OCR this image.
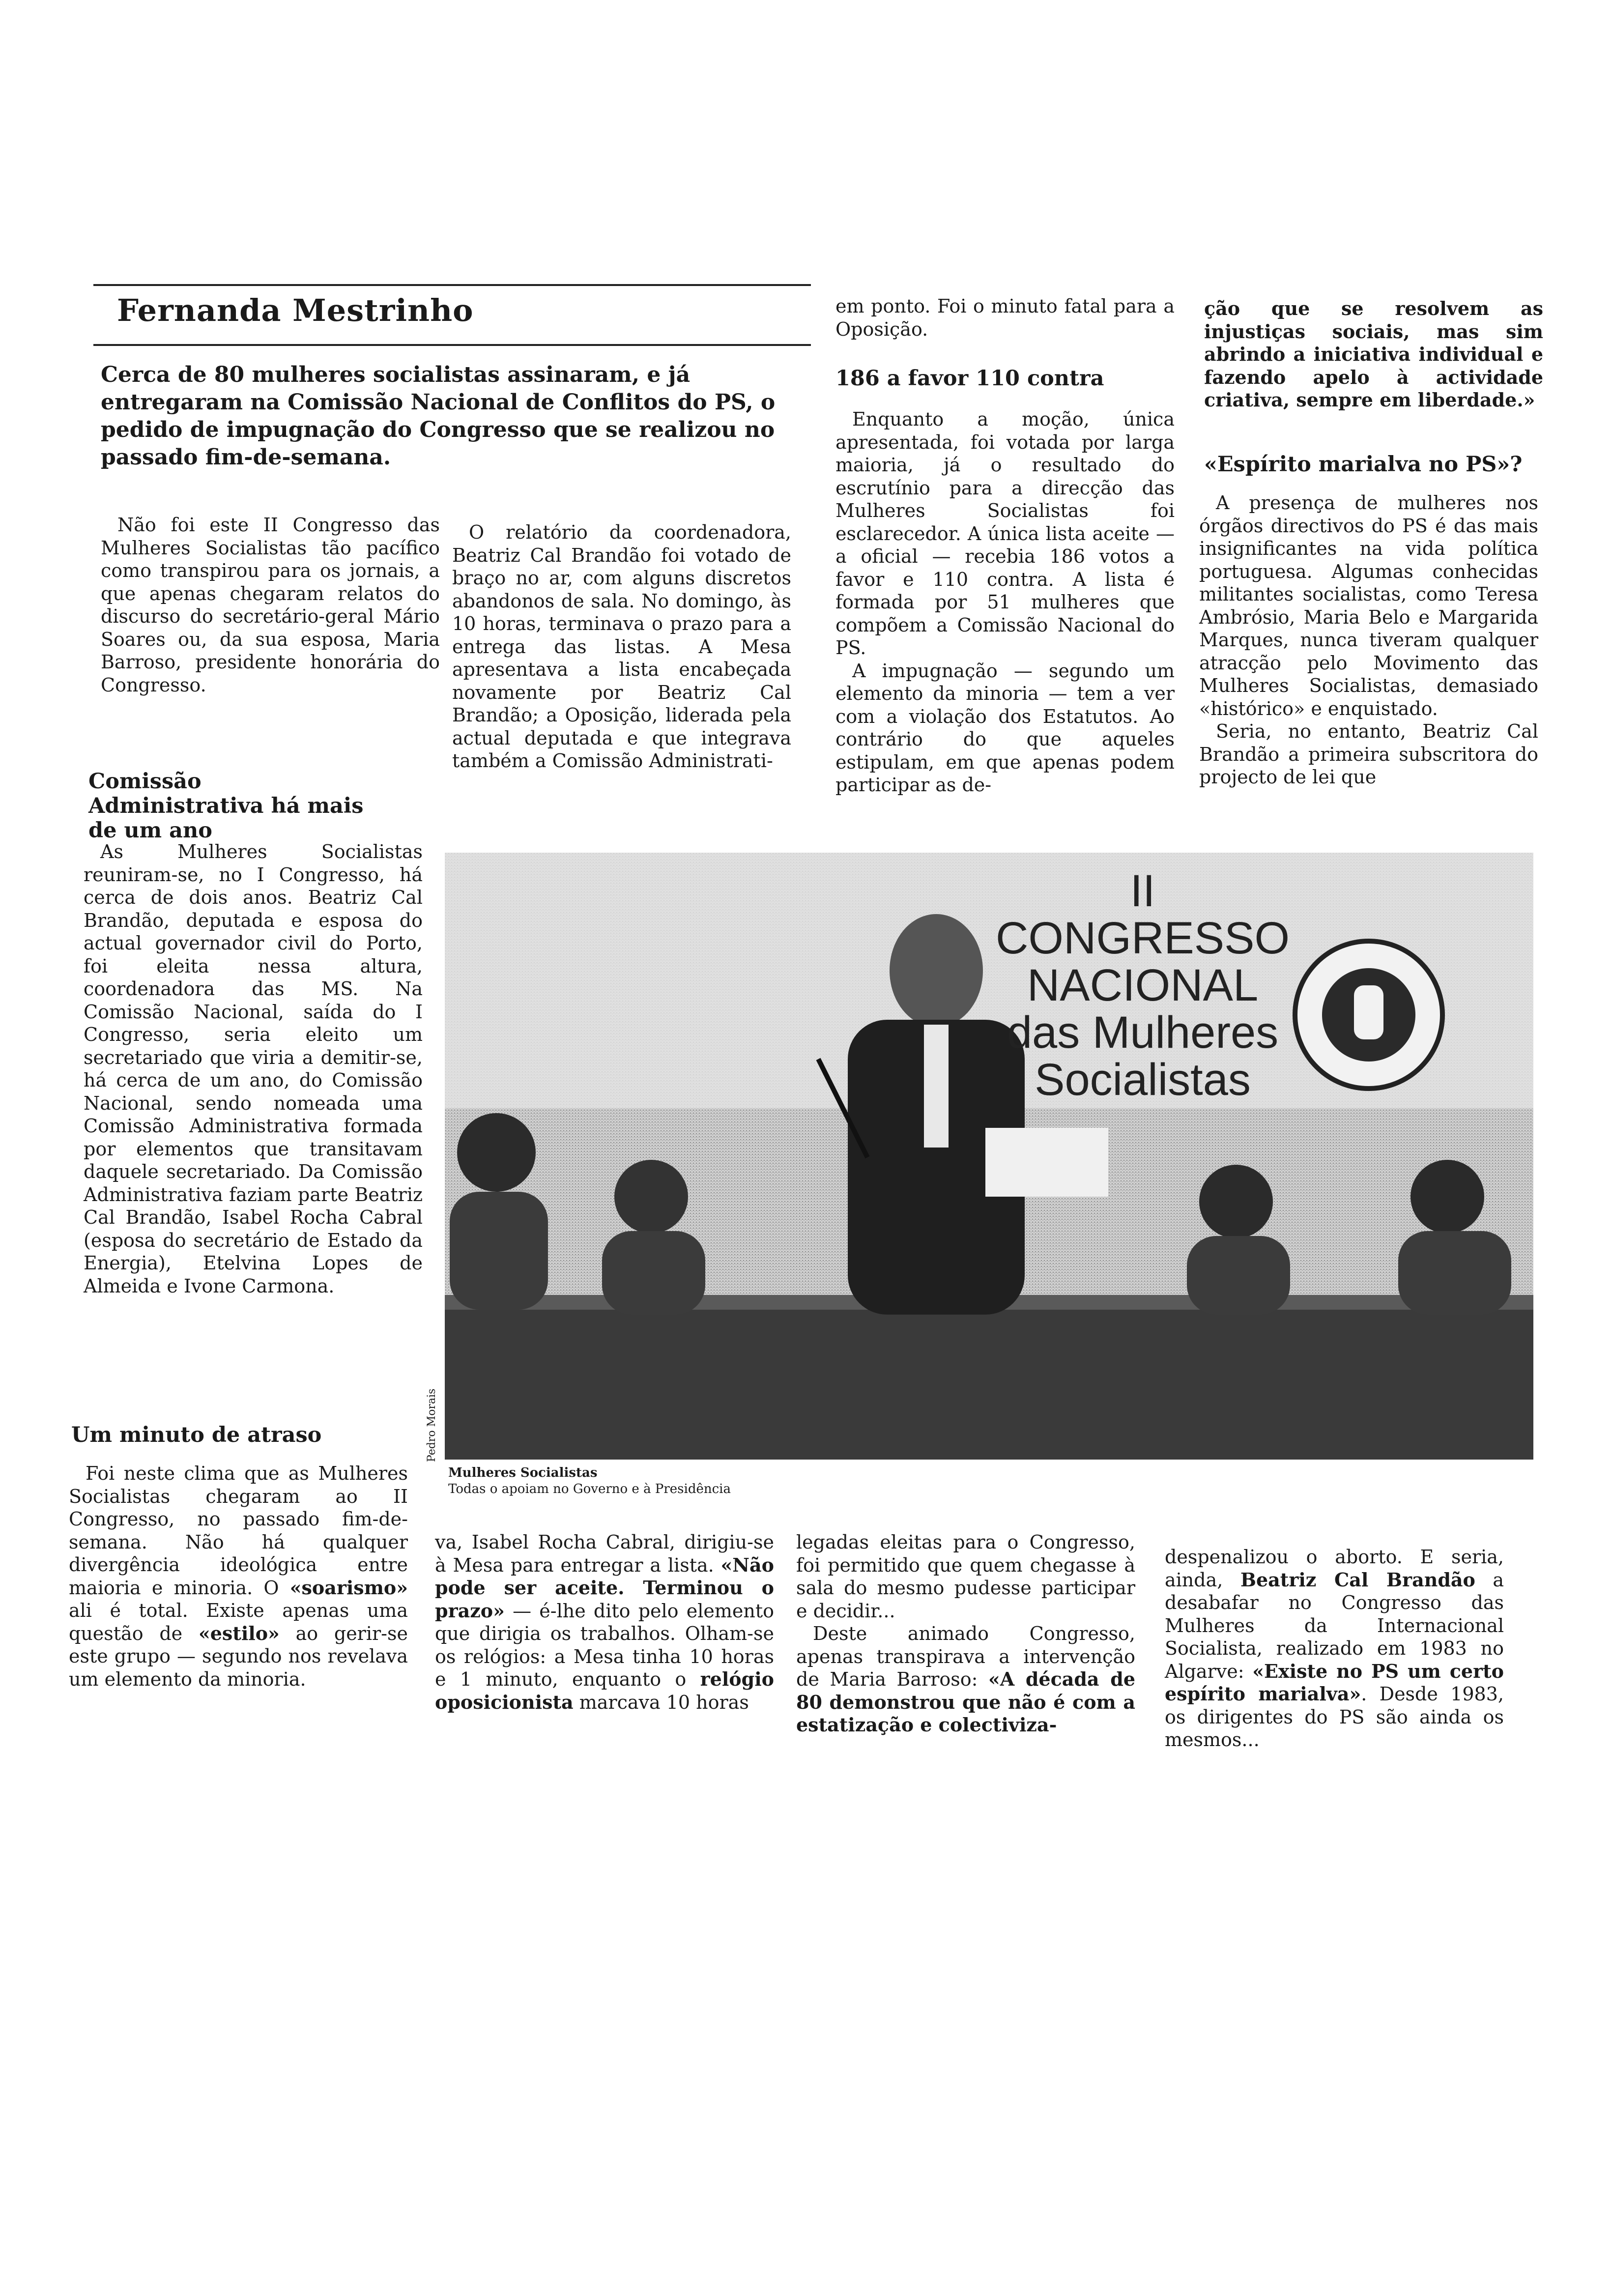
Fernanda Mestrinho
Cerca de 80 mulheres socialistas assinaram, e já entregaram na Comissão Nacional de Conflitos do PS, o pedido de impugnação do Congresso que se realizou no passado fim-de-semana.

Não foi este II Congresso das Mulheres Socialistas tão pacífico como transpirou para os jornais, a que apenas chegaram relatos do discurso do secretário-geral Mário Soares ou, da sua esposa, Maria Barroso, presidente honorária do Congresso.

Comissão Administrativa há mais de um ano

As Mulheres Socialistas reuniram-se, no I Congresso, há cerca de dois anos. Beatriz Cal Brandão, deputada e esposa do actual governador civil do Porto, foi eleita nessa altura, coordenadora das MS. Na Comissão Nacional, saída do I Congresso, seria eleito um secretariado que viria a demitir-se, há cerca de um ano, do Comissão Nacional, sendo nomeada uma Comissão Administrativa formada por elementos que transitavam daquele secretariado. Da Comissão Administrativa faziam parte Beatriz Cal Brandão, Isabel Rocha Cabral (esposa do secretário de Estado da Energia), Etelvina Lopes de Almeida e Ivone Carmona.

Um minuto de atraso

Foi neste clima que as Mulheres Socialistas chegaram ao II Congresso, no passado fim-de-semana. Não há qualquer divergência ideológica entre maioria e minoria. O «soarismo» ali é total. Existe apenas uma questão de «estilo» ao gerir-se este grupo — segundo nos revelava um elemento da minoria.

O relatório da coordenadora, Beatriz Cal Brandão foi votado de braço no ar, com alguns discretos abandonos de sala. No domingo, às 10 horas, terminava o prazo para a entrega das listas. A Mesa apresentava a lista encabeçada novamente por Beatriz Cal Brandão; a Oposição, liderada pela actual deputada e que integrava também a Comissão Administrati-

em ponto. Foi o minuto fatal para a Oposição.

186 a favor 110 contra

Enquanto a moção, única apresentada, foi votada por larga maioria, já o resultado do escrutínio para a direcção das Mulheres Socialistas foi esclarecedor. A única lista aceite — a oficial — recebia 186 votos a favor e 110 contra. A lista é formada por 51 mulheres que compõem a Comissão Nacional do PS.

A impugnação — segundo um elemento da minoria — tem a ver com a violação dos Estatutos. Ao contrário do que aqueles estipulam, em que apenas podem participar as de-

ção que se resolvem as injustiças sociais, mas sim abrindo a iniciativa individual e fazendo apelo à actividade criativa, sempre em liberdade.»

«Espírito marialva no PS»?

A presença de mulheres nos órgãos directivos do PS é das mais insignificantes na vida política portuguesa. Algumas conhecidas militantes socialistas, como Teresa Ambrósio, Maria Belo e Margarida Marques, nunca tiveram qualquer atracção pelo Movimento das Mulheres Socialistas, demasiado «histórico» e enquistado.

Seria, no entanto, Beatriz Cal Brandão a primeira subscritora do projecto de lei que

II
CONGRESSO
NACIONAL
das Mulheres
Socialistas
Pedro Morais
Mulheres Socialistas
Todas o apoiam no Governo e à Presidência

va, Isabel Rocha Cabral, dirigiu-se à Mesa para entregar a lista. «Não pode ser aceite. Terminou o prazo» — é-lhe dito pelo elemento que dirigia os trabalhos. Olham-se os relógios: a Mesa tinha 10 horas e 1 minuto, enquanto o relógio oposicionista marcava 10 horas

legadas eleitas para o Congresso, foi permitido que quem chegasse à sala do mesmo pudesse participar e decidir...

Deste animado Congresso, apenas transpirava a intervenção de Maria Barroso: «A década de 80 demonstrou que não é com a estatização e colectiviza-

despenalizou o aborto. E seria, ainda, Beatriz Cal Brandão a desabafar no Congresso das Mulheres da Internacional Socialista, realizado em 1983 no Algarve: «Existe no PS um certo espírito marialva». Desde 1983, os dirigentes do PS são ainda os mesmos...
